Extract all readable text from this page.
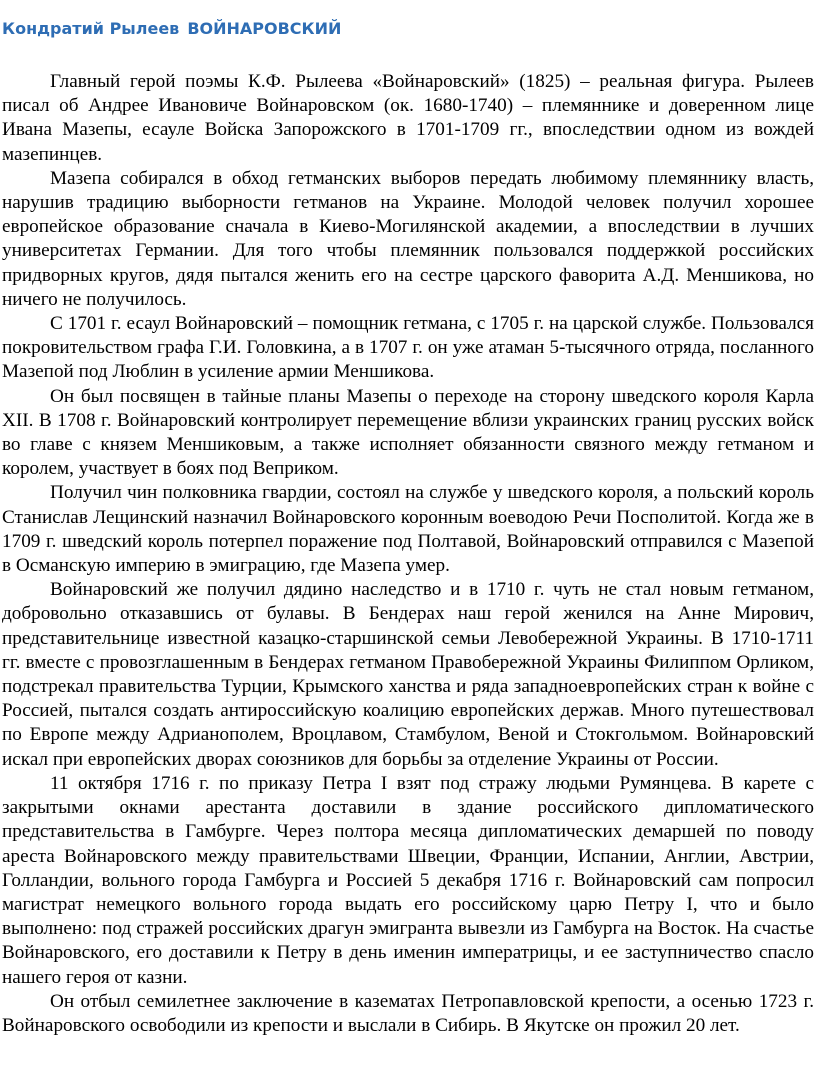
Кондратий Рылеев ВОЙНАРОВСКИЙ

Главный герой поэмы К.Ф. Рылеева «Войнаровский» (1825) – реальная фигура. Рылеев писал об Андрее Ивановиче Войнаровском (ок. 1680-1740) – племяннике и доверенном лице Ивана Мазепы, есауле Войска Запорожского в 1701-1709 гг., впоследствии одном из вождей мазепинцев.

Мазепа собирался в обход гетманских выборов передать любимому племяннику власть, нарушив традицию выборности гетманов на Украине. Молодой человек получил хорошее европейское образование сначала в Киево-Могилянской академии, а впоследствии в лучших университетах Германии. Для того чтобы племянник пользовался поддержкой российских придворных кругов, дядя пытался женить его на сестре царского фаворита А.Д. Меншикова, но ничего не получилось.

С 1701 г. есаул Войнаровский – помощник гетмана, с 1705 г. на царской службе. Пользовался покровительством графа Г.И. Головкина, а в 1707 г. он уже атаман 5-тысячного отряда, посланного Мазепой под Люблин в усиление армии Меншикова.

Он был посвящен в тайные планы Мазепы о переходе на сторону шведского короля Карла XII. В 1708 г. Войнаровский контролирует перемещение вблизи украинских границ русских войск во главе с князем Меншиковым, а также исполняет обязанности связного между гетманом и королем, участвует в боях под Веприком.

Получил чин полковника гвардии, состоял на службе у шведского короля, а польский король Станислав Лещинский назначил Войнаровского коронным воеводою Речи Посполитой. Когда же в 1709 г. шведский король потерпел поражение под Полтавой, Войнаровский отправился с Мазепой в Османскую империю в эмиграцию, где Мазепа умер.

Войнаровский же получил дядино наследство и в 1710 г. чуть не стал новым гетманом, добровольно отказавшись от булавы. В Бендерах наш герой женился на Анне Мирович, представительнице известной казацко-старшинской семьи Левобережной Украины. В 1710-1711 гг. вместе с провозглашенным в Бендерах гетманом Правобережной Украины Филиппом Орликом, подстрекал правительства Турции, Крымского ханства и ряда западноевропейских стран к войне с Россией, пытался создать антироссийскую коалицию европейских держав. Много путешествовал по Европе между Адрианополем, Вроцлавом, Стамбулом, Веной и Стокгольмом. Войнаровский искал при европейских дворах союзников для борьбы за отделение Украины от России.

11 октября 1716 г. по приказу Петра I взят под стражу людьми Румянцева. В карете с закрытыми окнами арестанта доставили в здание российского дипломатического представительства в Гамбурге. Через полтора месяца дипломатических демаршей по поводу ареста Войнаровского между правительствами Швеции, Франции, Испании, Англии, Австрии, Голландии, вольного города Гамбурга и Россией 5 декабря 1716 г. Войнаровский сам попросил магистрат немецкого вольного города выдать его российскому царю Петру I, что и было выполнено: под стражей российских драгун эмигранта вывезли из Гамбурга на Восток. На счастье Войнаровского, его доставили к Петру в день именин императрицы, и ее заступничество спасло нашего героя от казни.

Он отбыл семилетнее заключение в казематах Петропавловской крепости, а осенью 1723 г. Войнаровского освободили из крепости и выслали в Сибирь. В Якутске он прожил 20 лет.
